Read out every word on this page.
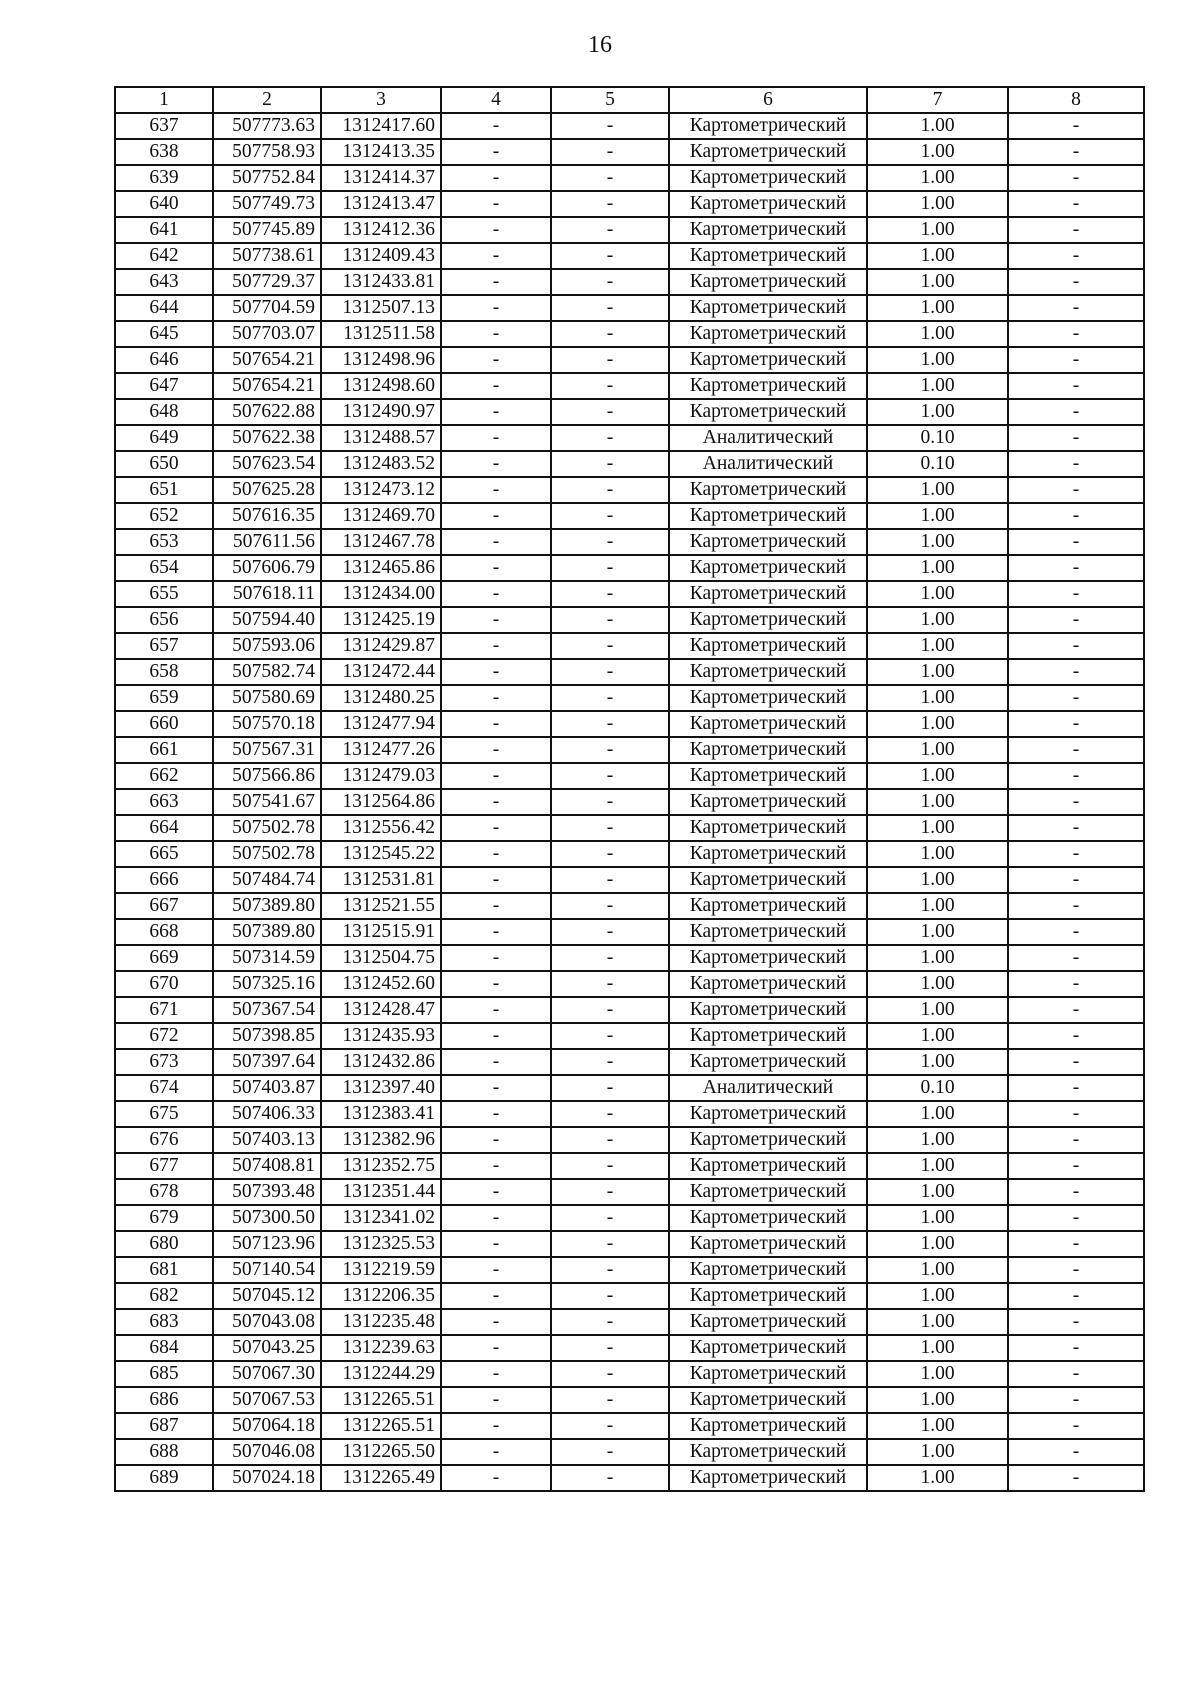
16
1	2	3	4	5	6	7	8
637	507773.63	1312417.60	-	-	Картометрический	1.00	-
638	507758.93	1312413.35	-	-	Картометрический	1.00	-
639	507752.84	1312414.37	-	-	Картометрический	1.00	-
640	507749.73	1312413.47	-	-	Картометрический	1.00	-
641	507745.89	1312412.36	-	-	Картометрический	1.00	-
642	507738.61	1312409.43	-	-	Картометрический	1.00	-
643	507729.37	1312433.81	-	-	Картометрический	1.00	-
644	507704.59	1312507.13	-	-	Картометрический	1.00	-
645	507703.07	1312511.58	-	-	Картометрический	1.00	-
646	507654.21	1312498.96	-	-	Картометрический	1.00	-
647	507654.21	1312498.60	-	-	Картометрический	1.00	-
648	507622.88	1312490.97	-	-	Картометрический	1.00	-
649	507622.38	1312488.57	-	-	Аналитический	0.10	-
650	507623.54	1312483.52	-	-	Аналитический	0.10	-
651	507625.28	1312473.12	-	-	Картометрический	1.00	-
652	507616.35	1312469.70	-	-	Картометрический	1.00	-
653	507611.56	1312467.78	-	-	Картометрический	1.00	-
654	507606.79	1312465.86	-	-	Картометрический	1.00	-
655	507618.11	1312434.00	-	-	Картометрический	1.00	-
656	507594.40	1312425.19	-	-	Картометрический	1.00	-
657	507593.06	1312429.87	-	-	Картометрический	1.00	-
658	507582.74	1312472.44	-	-	Картометрический	1.00	-
659	507580.69	1312480.25	-	-	Картометрический	1.00	-
660	507570.18	1312477.94	-	-	Картометрический	1.00	-
661	507567.31	1312477.26	-	-	Картометрический	1.00	-
662	507566.86	1312479.03	-	-	Картометрический	1.00	-
663	507541.67	1312564.86	-	-	Картометрический	1.00	-
664	507502.78	1312556.42	-	-	Картометрический	1.00	-
665	507502.78	1312545.22	-	-	Картометрический	1.00	-
666	507484.74	1312531.81	-	-	Картометрический	1.00	-
667	507389.80	1312521.55	-	-	Картометрический	1.00	-
668	507389.80	1312515.91	-	-	Картометрический	1.00	-
669	507314.59	1312504.75	-	-	Картометрический	1.00	-
670	507325.16	1312452.60	-	-	Картометрический	1.00	-
671	507367.54	1312428.47	-	-	Картометрический	1.00	-
672	507398.85	1312435.93	-	-	Картометрический	1.00	-
673	507397.64	1312432.86	-	-	Картометрический	1.00	-
674	507403.87	1312397.40	-	-	Аналитический	0.10	-
675	507406.33	1312383.41	-	-	Картометрический	1.00	-
676	507403.13	1312382.96	-	-	Картометрический	1.00	-
677	507408.81	1312352.75	-	-	Картометрический	1.00	-
678	507393.48	1312351.44	-	-	Картометрический	1.00	-
679	507300.50	1312341.02	-	-	Картометрический	1.00	-
680	507123.96	1312325.53	-	-	Картометрический	1.00	-
681	507140.54	1312219.59	-	-	Картометрический	1.00	-
682	507045.12	1312206.35	-	-	Картометрический	1.00	-
683	507043.08	1312235.48	-	-	Картометрический	1.00	-
684	507043.25	1312239.63	-	-	Картометрический	1.00	-
685	507067.30	1312244.29	-	-	Картометрический	1.00	-
686	507067.53	1312265.51	-	-	Картометрический	1.00	-
687	507064.18	1312265.51	-	-	Картометрический	1.00	-
688	507046.08	1312265.50	-	-	Картометрический	1.00	-
689	507024.18	1312265.49	-	-	Картометрический	1.00	-
